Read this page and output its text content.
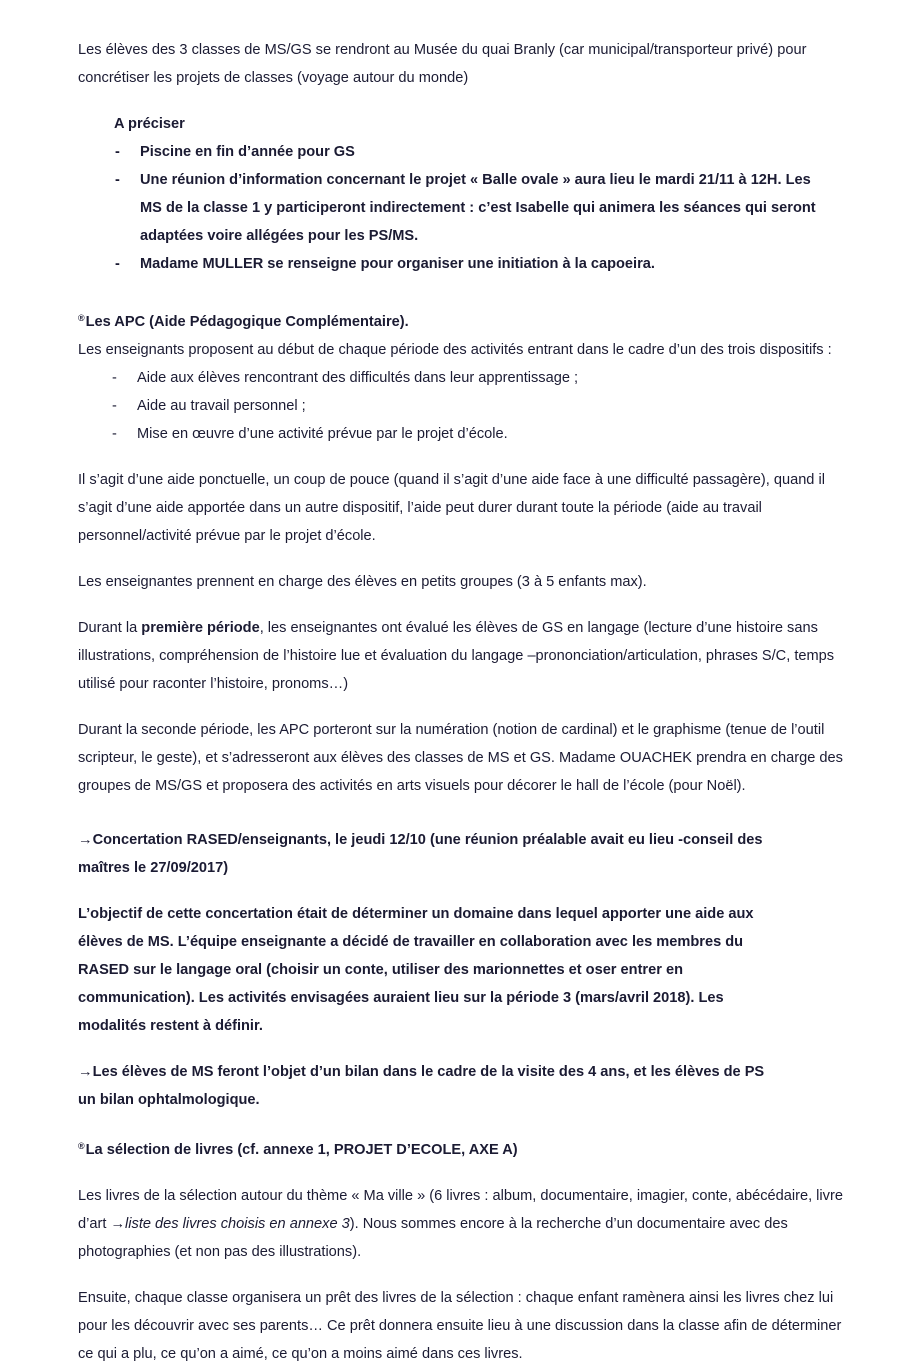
Les élèves des 3 classes de MS/GS se rendront au Musée du quai Branly (car municipal/transporteur privé) pour concrétiser les projets de classes (voyage autour du monde)

A préciser

- Piscine en fin d’année pour GS
- Une réunion d’information concernant le projet « Balle ovale » aura lieu le mardi 21/11 à 12H. Les MS de la classe 1 y participeront indirectement : c’est Isabelle qui animera les séances qui seront adaptées voire allégées pour les PS/MS.
- Madame MULLER se renseigne pour organiser une initiation à la capoeira.

®Les APC (Aide Pédagogique Complémentaire).

Les enseignants proposent au début de chaque période des activités entrant dans le cadre d’un des trois dispositifs :

- Aide aux élèves rencontrant des difficultés dans leur apprentissage ;
- Aide au travail personnel ;
- Mise en œuvre d’une activité prévue par le projet d’école.

Il s’agit d’une aide ponctuelle, un coup de pouce (quand il s’agit d’une aide face à une difficulté passagère), quand il s’agit d’une aide apportée dans un autre dispositif, l’aide peut durer durant toute la période (aide au travail personnel/activité prévue par le projet d’école.

Les enseignantes prennent en charge des élèves en petits groupes (3 à 5 enfants max).

Durant la première période, les enseignantes ont évalué les élèves de GS en langage (lecture d’une histoire sans illustrations, compréhension de l’histoire lue et évaluation du langage –prononciation/articulation, phrases S/C, temps utilisé pour raconter l’histoire, pronoms…)

Durant la seconde période, les APC porteront sur la numération (notion de cardinal) et le graphisme (tenue de l’outil scripteur, le geste), et s’adresseront aux élèves des classes de MS et GS. Madame OUACHEK prendra en charge des groupes de MS/GS et proposera des activités en arts visuels pour décorer le hall de l’école (pour Noël).

→Concertation RASED/enseignants, le jeudi 12/10 (une réunion préalable avait eu lieu -conseil des maîtres le 27/09/2017)

L’objectif de cette concertation était de déterminer un domaine dans lequel apporter une aide aux élèves de MS. L’équipe enseignante a décidé de travailler en collaboration avec les membres du RASED sur le langage oral (choisir un conte, utiliser des marionnettes et oser entrer en communication). Les activités envisagées auraient lieu sur la période 3 (mars/avril 2018). Les modalités restent à définir.

→Les élèves de MS feront l’objet d’un bilan dans le cadre de la visite des 4 ans, et les élèves de PS un bilan ophtalmologique.

®La sélection de livres (cf. annexe 1, PROJET D’ECOLE, AXE A)

Les livres de la sélection autour du thème « Ma ville » (6 livres : album, documentaire, imagier, conte, abécédaire, livre d’art →liste des livres choisis en annexe 3). Nous sommes encore à la recherche d’un documentaire avec des photographies (et non pas des illustrations).

Ensuite, chaque classe organisera un prêt des livres de la sélection : chaque enfant ramènera ainsi les livres chez lui pour les découvrir avec ses parents… Ce prêt donnera ensuite lieu à une discussion dans la classe afin de déterminer ce qui a plu, ce qu’on a aimé, ce qu’on a moins aimé dans ces livres.
